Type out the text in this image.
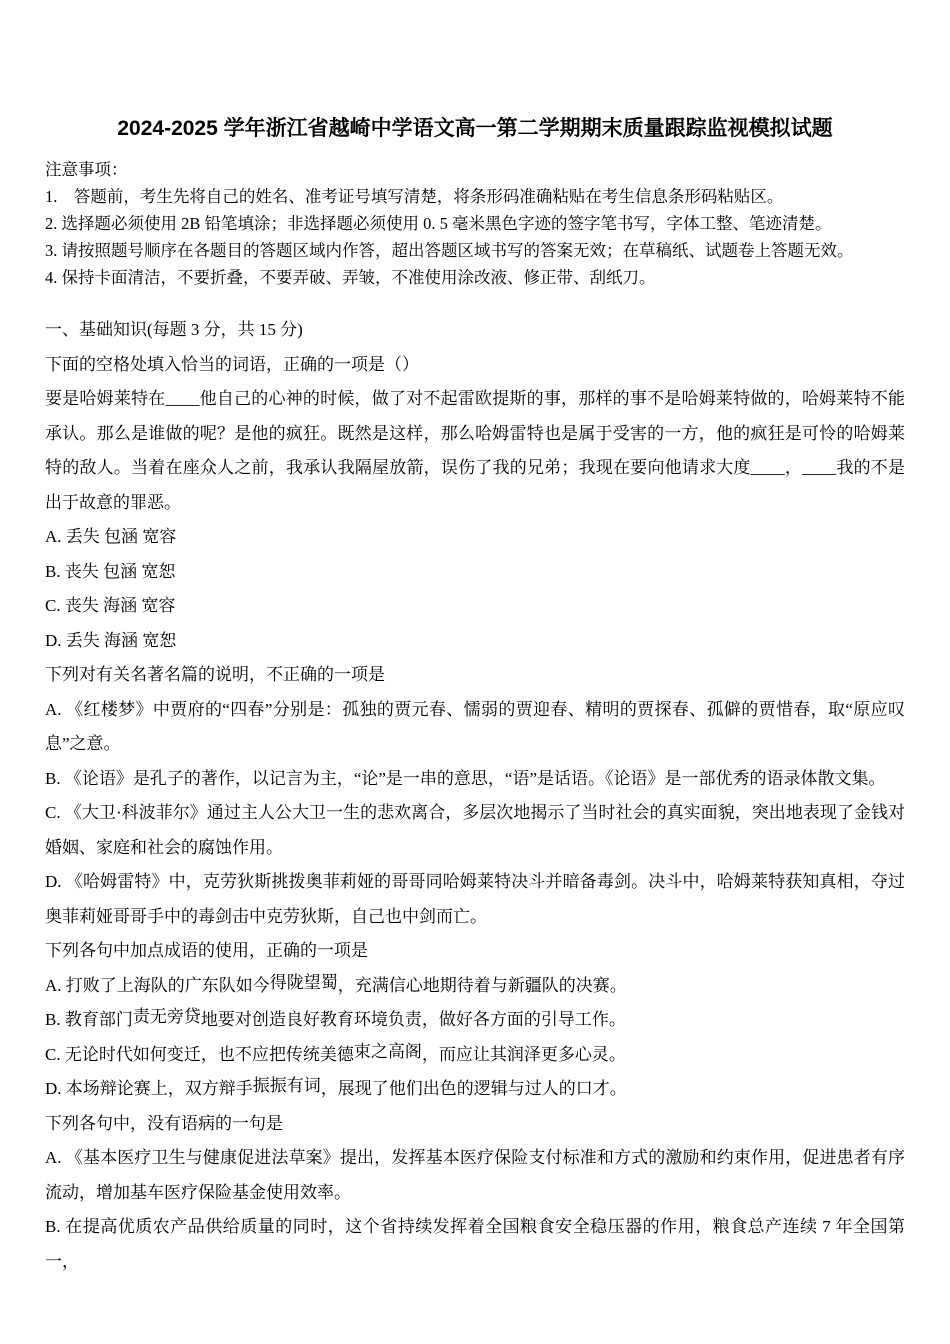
2024-2025 学年浙江省越崎中学语文高一第二学期期末质量跟踪监视模拟试题

注意事项：

1.　答题前，考生先将自己的姓名、准考证号填写清楚，将条形码准确粘贴在考生信息条形码粘贴区。

2. 选择题必须使用 2B 铅笔填涂；非选择题必须使用 0. 5 毫米黑色字迹的签字笔书写，字体工整、笔迹清楚。

3. 请按照题号顺序在各题目的答题区域内作答，超出答题区域书写的答案无效；在草稿纸、试题卷上答题无效。

4. 保持卡面清洁，不要折叠，不要弄破、弄皱，不准使用涂改液、修正带、刮纸刀。

一、基础知识(每题 3 分，共 15 分)

下面的空格处填入恰当的词语，正确的一项是（）

要是哈姆莱特在____他自己的心神的时候，做了对不起雷欧提斯的事，那样的事不是哈姆莱特做的，哈姆莱特不能承认。那么是谁做的呢？是他的疯狂。既然是这样，那么哈姆雷特也是属于受害的一方，他的疯狂是可怜的哈姆莱特的敌人。当着在座众人之前，我承认我隔屋放箭，误伤了我的兄弟；我现在要向他请求大度____，____我的不是出于故意的罪恶。

A. 丢失 包涵 宽容

B. 丧失 包涵 宽恕

C. 丧失 海涵 宽容

D. 丢失 海涵 宽恕

下列对有关名著名篇的说明，不正确的一项是

A. 《红楼梦》中贾府的“四春”分别是：孤独的贾元春、懦弱的贾迎春、精明的贾探春、孤僻的贾惜春，取“原应叹息”之意。

B. 《论语》是孔子的著作，以记言为主，“论”是一串的意思，“语”是话语。《论语》是一部优秀的语录体散文集。

C. 《大卫·科波菲尔》通过主人公大卫一生的悲欢离合，多层次地揭示了当时社会的真实面貌，突出地表现了金钱对婚姻、家庭和社会的腐蚀作用。

D. 《哈姆雷特》中，克劳狄斯挑拨奥菲莉娅的哥哥同哈姆莱特决斗并暗备毒剑。决斗中，哈姆莱特获知真相，夺过奥菲莉娅哥哥手中的毒剑击中克劳狄斯，自己也中剑而亡。

下列各句中加点成语的使用，正确的一项是

A. 打败了上海队的广东队如今得陇望蜀，充满信心地期待着与新疆队的决赛。

B. 教育部门责无旁贷地要对创造良好教育环境负责，做好各方面的引导工作。

C. 无论时代如何变迁，也不应把传统美德束之高阁，而应让其润泽更多心灵。

D. 本场辩论赛上，双方辩手振振有词，展现了他们出色的逻辑与过人的口才。

下列各句中，没有语病的一句是

A. 《基本医疗卫生与健康促进法草案》提出，发挥基本医疗保险支付标准和方式的激励和约束作用，促进患者有序流动，增加基车医疗保险基金使用效率。

B. 在提高优质农产品供给质量的同时，这个省持续发挥着全国粮食安全稳压器的作用，粮食总产连续 7 年全国第一，
